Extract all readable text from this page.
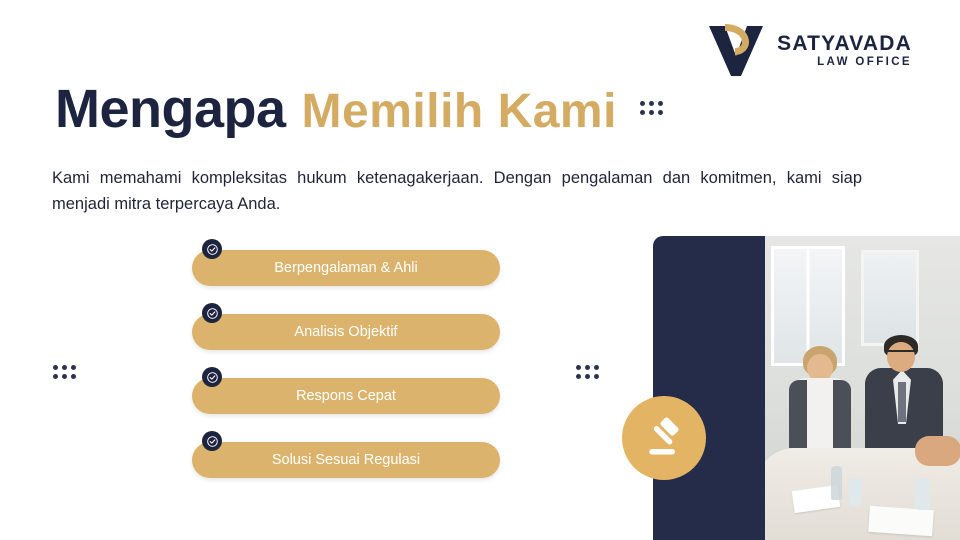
SATYAVADA
LAW OFFICE
Mengapa Memilih Kami

Kami memahami kompleksitas hukum ketenagakerjaan. Dengan pengalaman dan komitmen, kami siap menjadi mitra terpercaya Anda.

Berpengalaman & Ahli
Analisis Objektif
Respons Cepat
Solusi Sesuai Regulasi
